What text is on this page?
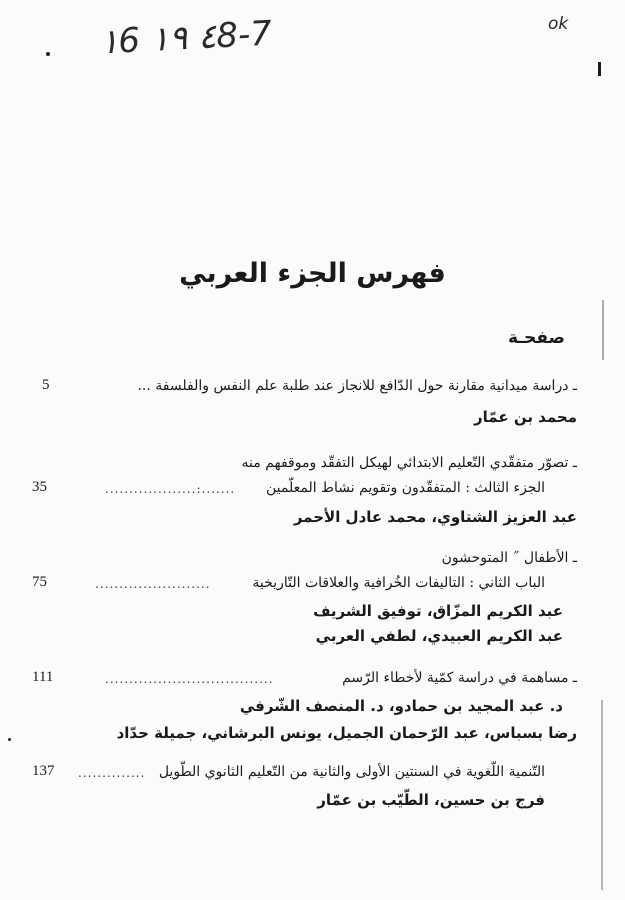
١6 ٤ ١٩8-7	ok
فهرس الجزء العربي
صفحـة
ـ دراسة ميدانية مقارنة حول الدّافع للانجاز عند طلبة علم النفس والفلسفة ...
5
محمد بن عمّار
ـ تصوّر متفقّدي التّعليم الابتدائي لهيكل التفقّد وموقفهم منه
الجزء الثالث : المتفقّدون وتقويم نشاط المعلّمين
...................:.......
35
عبد العزيز الشتاوي، محمد عادل الأحمر
ـ الأطفال ˝ المتوحشون
الباب الثاني : التاليفات الخُرافية والعلاقات التّاريخية
........................
75
عبد الكريم المزّاق، توفيق الشريف
عبد الكريم العبيدي، لطفي العربي
ـ مساهمة في دراسة كمّية لأخطاء الرّسم
...................................
111
د. عبد المجيد بن حمادو، د. المنصف الشّرفي
رضا بسباس، عبد الرّحمان الجميل، يونس البرشاني، جميلة حدّاد
التّنمية اللّغوية في السنتين الأولى والثانية من التّعليم الثانوي الطّويل
..............
137
فرج بن حسين، الطّيّب بن عمّار
